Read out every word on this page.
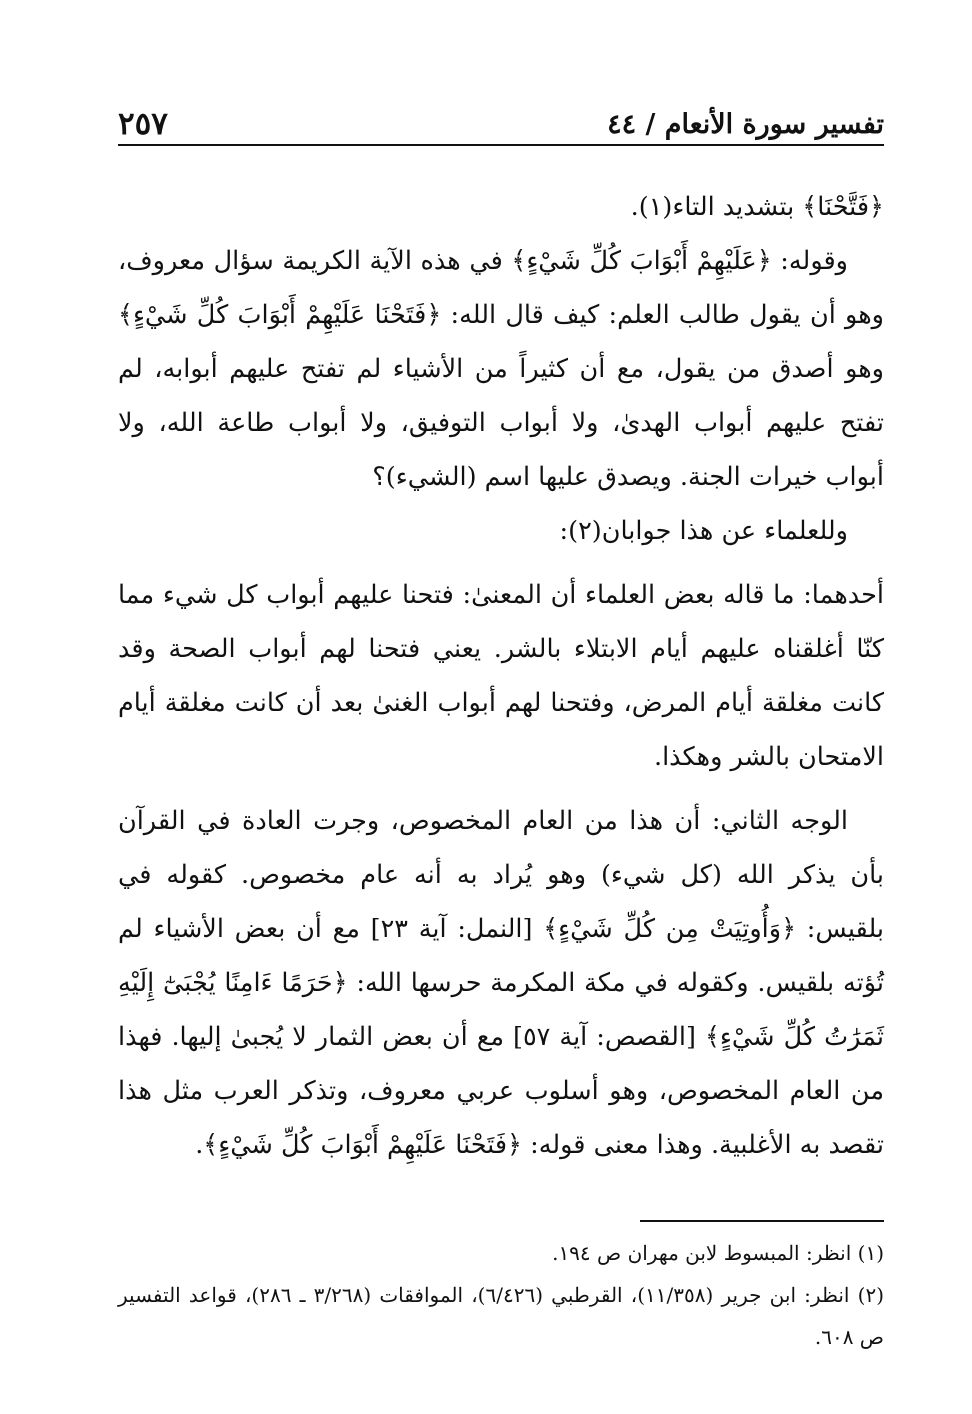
تفسير سورة الأنعام / ٤٤
٢٥٧

﴿فَتَّحْنَا﴾ بتشديد التاء(١).

وقوله: ﴿عَلَيْهِمْ أَبْوَابَ كُلِّ شَيْءٍ﴾ في هذه الآية الكريمة سؤال معروف، وهو أن يقول طالب العلم: كيف قال الله: ﴿فَتَحْنَا عَلَيْهِمْ أَبْوَابَ كُلِّ شَيْءٍ﴾ وهو أصدق من يقول، مع أن كثيراً من الأشياء لم تفتح عليهم أبوابه، لم تفتح عليهم أبواب الهدىٰ، ولا أبواب التوفيق، ولا أبواب طاعة الله، ولا أبواب خيرات الجنة. ويصدق عليها اسم (الشيء)؟

وللعلماء عن هذا جوابان(٢):

أحدهما: ما قاله بعض العلماء أن المعنىٰ: فتحنا عليهم أبواب كل شيء مما كنّا أغلقناه عليهم أيام الابتلاء بالشر. يعني فتحنا لهم أبواب الصحة وقد كانت مغلقة أيام المرض، وفتحنا لهم أبواب الغنىٰ بعد أن كانت مغلقة أيام الامتحان بالشر وهكذا.

الوجه الثاني: أن هذا من العام المخصوص، وجرت العادة في القرآن بأن يذكر الله (كل شيء) وهو يُراد به أنه عام مخصوص. كقوله في بلقيس: ﴿وَأُوتِيَتْ مِن كُلِّ شَيْءٍ﴾ [النمل: آية ٢٣] مع أن بعض الأشياء لم تُؤته بلقيس. وكقوله في مكة المكرمة حرسها الله: ﴿حَرَمًا ءَامِنًا يُجْبَىٰٓ إِلَيْهِ ثَمَرَٰتُ كُلِّ شَيْءٍ﴾ [القصص: آية ٥٧] مع أن بعض الثمار لا يُجبىٰ إليها. فهذا من العام المخصوص، وهو أسلوب عربي معروف، وتذكر العرب مثل هذا تقصد به الأغلبية. وهذا معنى قوله: ﴿فَتَحْنَا عَلَيْهِمْ أَبْوَابَ كُلِّ شَيْءٍ﴾.

(١) انظر: المبسوط لابن مهران ص ١٩٤.

(٢) انظر: ابن جرير (١١/٣٥٨)، القرطبي (٦/٤٢٦)، الموافقات (٣/٢٦٨ ـ ٢٨٦)، قواعد التفسير ص ٦٠٨.
